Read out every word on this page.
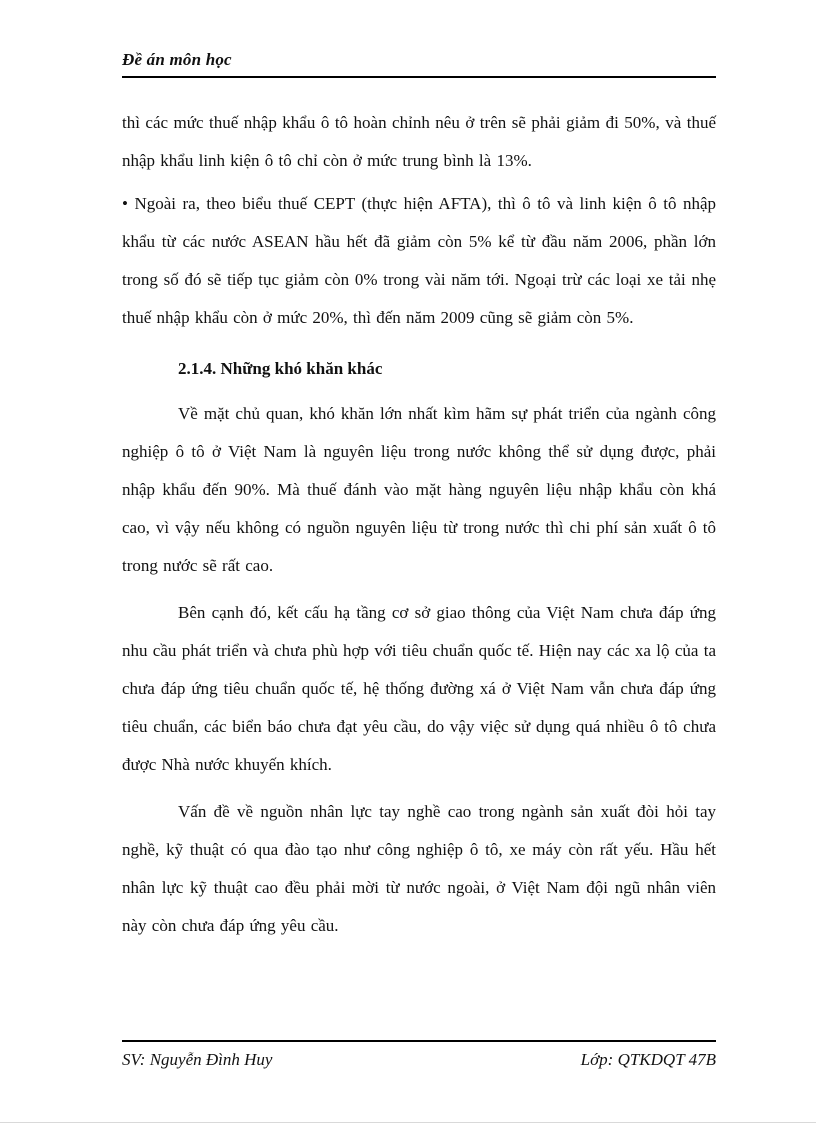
Đề án môn học

thì các mức thuế nhập khẩu ô tô hoàn chỉnh nêu ở trên sẽ phải giảm đi 50%, và thuế nhập khẩu linh kiện ô tô chỉ còn ở mức trung bình là 13%.

• Ngoài ra, theo biểu thuế CEPT (thực hiện AFTA), thì ô tô và linh kiện ô tô nhập khẩu từ các nước ASEAN hầu hết đã giảm còn 5% kể từ đầu năm 2006, phần lớn trong số đó sẽ tiếp tục giảm còn 0% trong vài năm tới. Ngoại trừ các loại xe tải nhẹ thuế nhập khẩu còn ở mức 20%, thì đến năm 2009 cũng sẽ giảm còn 5%.

2.1.4. Những khó khăn khác

Về mặt chủ quan, khó khăn lớn nhất kìm hãm sự phát triển của ngành công nghiệp ô tô ở Việt Nam là nguyên liệu trong nước không thể sử dụng được, phải nhập khẩu đến 90%. Mà thuế đánh vào mặt hàng nguyên liệu nhập khẩu còn khá cao, vì vậy nếu không có nguồn nguyên liệu từ trong nước thì chi phí sản xuất ô tô trong nước sẽ rất cao.

Bên cạnh đó, kết cấu hạ tầng cơ sở giao thông của Việt Nam chưa đáp ứng nhu cầu phát triển và chưa phù hợp với tiêu chuẩn quốc tế. Hiện nay các xa lộ của ta chưa đáp ứng tiêu chuẩn quốc tế, hệ thống đường xá ở Việt Nam vẫn chưa đáp ứng tiêu chuẩn, các biển báo chưa đạt yêu cầu, do vậy việc sử dụng quá nhiều ô tô chưa được Nhà nước khuyến khích.

Vấn đề về nguồn nhân lực tay nghề cao trong ngành sản xuất đòi hỏi tay nghề, kỹ thuật có qua đào tạo như công nghiệp ô tô, xe máy còn rất yếu. Hầu hết nhân lực kỹ thuật cao đều phải mời từ nước ngoài, ở Việt Nam đội ngũ nhân viên này còn chưa đáp ứng yêu cầu.

SV: Nguyễn Đình Huy	Lớp: QTKDQT 47B
